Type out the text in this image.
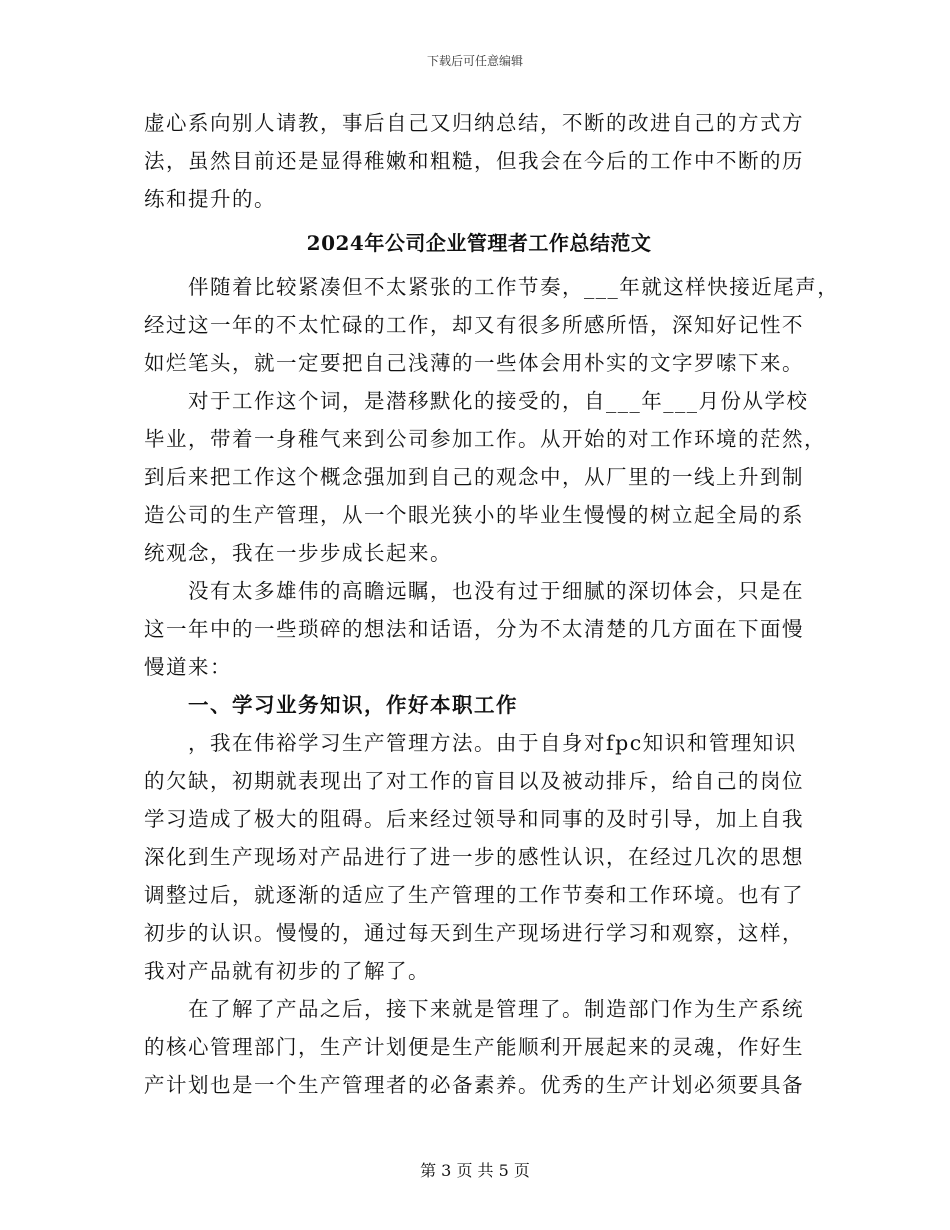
下载后可任意编辑
虚心系向别人请教，事后自己又归纳总结，不断的改进自己的方式方
法，虽然目前还是显得稚嫩和粗糙，但我会在今后的工作中不断的历
练和提升的。
2024年公司企业管理者工作总结范文
　　伴随着比较紧凑但不太紧张的工作节奏，___年就这样快接近尾声，
经过这一年的不太忙碌的工作，却又有很多所感所悟，深知好记性不
如烂笔头，就一定要把自己浅薄的一些体会用朴实的文字罗嗦下来。
　　对于工作这个词，是潜移默化的接受的，自___年___月份从学校
毕业，带着一身稚气来到公司参加工作。从开始的对工作环境的茫然，
到后来把工作这个概念强加到自己的观念中，从厂里的一线上升到制
造公司的生产管理，从一个眼光狭小的毕业生慢慢的树立起全局的系
统观念，我在一步步成长起来。
　　没有太多雄伟的高瞻远瞩，也没有过于细腻的深切体会，只是在
这一年中的一些琐碎的想法和话语，分为不太清楚的几方面在下面慢
慢道来：
　　一、学习业务知识，作好本职工作
　　，我在伟裕学习生产管理方法。由于自身对fpc知识和管理知识
的欠缺，初期就表现出了对工作的盲目以及被动排斥，给自己的岗位
学习造成了极大的阻碍。后来经过领导和同事的及时引导，加上自我
深化到生产现场对产品进行了进一步的感性认识，在经过几次的思想
调整过后，就逐渐的适应了生产管理的工作节奏和工作环境。也有了
初步的认识。慢慢的，通过每天到生产现场进行学习和观察，这样，
我对产品就有初步的了解了。
　　在了解了产品之后，接下来就是管理了。制造部门作为生产系统
的核心管理部门，生产计划便是生产能顺利开展起来的灵魂，作好生
产计划也是一个生产管理者的必备素养。优秀的生产计划必须要具备
第 3 页 共 5 页
